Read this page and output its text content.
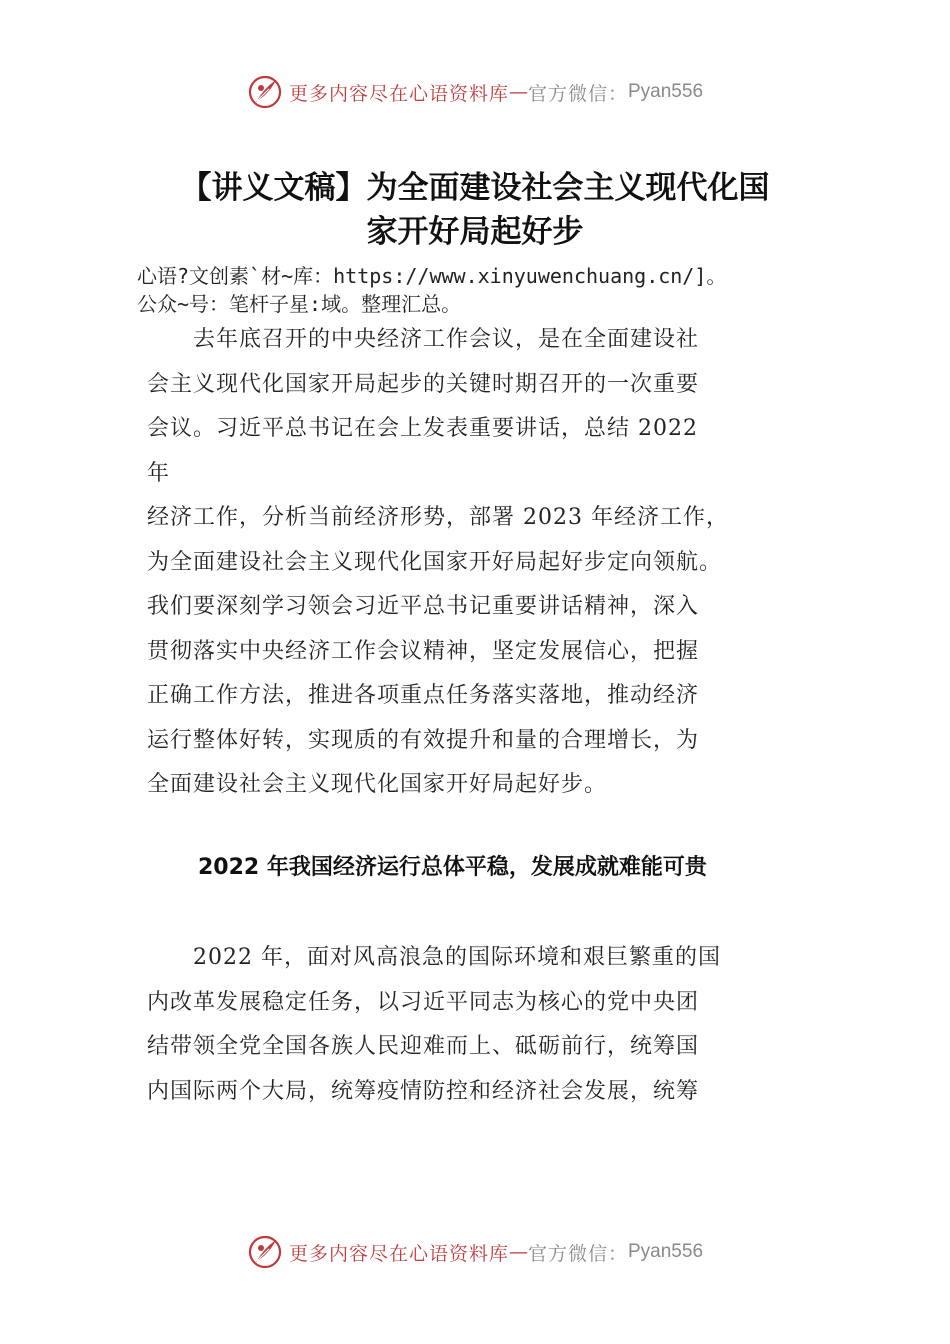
更多内容尽在心语资料库 — 官方微信： Pyan556
【讲义文稿】为全面建设社会主义现代化国
家开好局起好步
心语?文创素`材~库：https://www.xinyuwenchuang.cn/]。
公众~号：笔杆子星:域。整理汇总。
　　去年底召开的中央经济工作会议，是在全面建设社
会主义现代化国家开局起步的关键时期召开的一次重要
会议。习近平总书记在会上发表重要讲话，总结 2022
年
经济工作，分析当前经济形势，部署 2023 年经济工作，
为全面建设社会主义现代化国家开好局起好步定向领航。
我们要深刻学习领会习近平总书记重要讲话精神，深入
贯彻落实中央经济工作会议精神，坚定发展信心，把握
正确工作方法，推进各项重点任务落实落地，推动经济
运行整体好转，实现质的有效提升和量的合理增长，为
全面建设社会主义现代化国家开好局起好步。
2022 年我国经济运行总体平稳，发展成就难能可贵
　　2022 年，面对风高浪急的国际环境和艰巨繁重的国
内改革发展稳定任务，以习近平同志为核心的党中央团
结带领全党全国各族人民迎难而上、砥砺前行，统筹国
内国际两个大局，统筹疫情防控和经济社会发展，统筹
更多内容尽在心语资料库 — 官方微信： Pyan556
